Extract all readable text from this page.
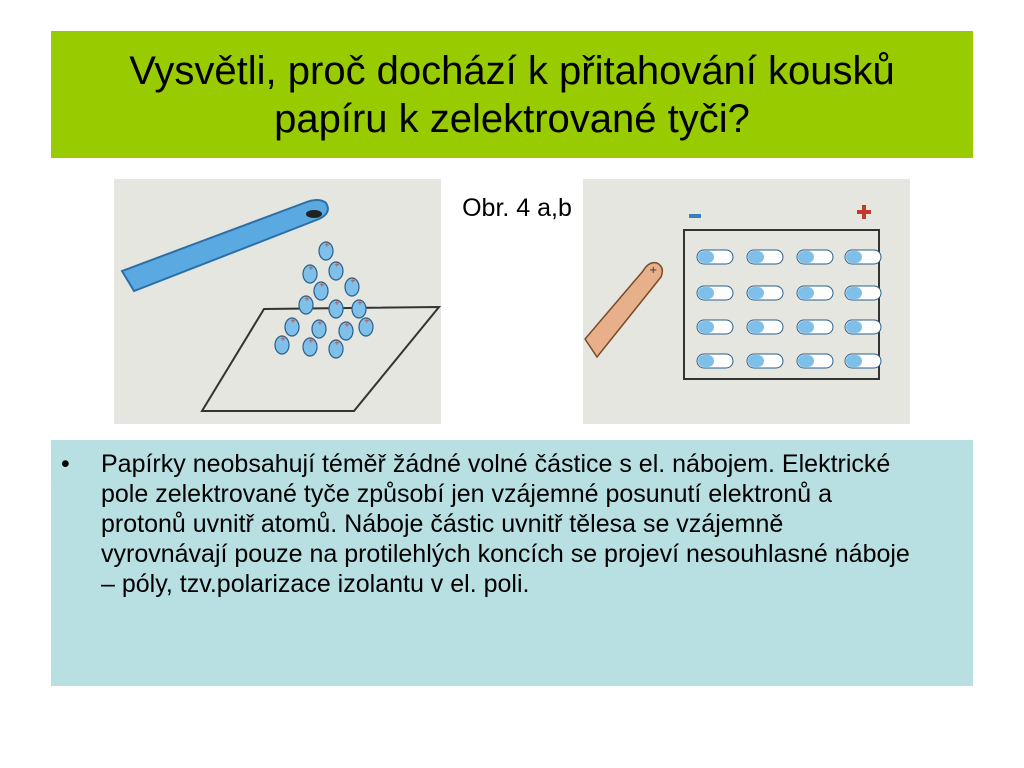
Vysvětli, proč dochází k přitahování kousků papíru k zelektrované tyči?
+
+	+
+	+
+	+ +
+	+	+ +
+	+	+
Obr. 4 a,b
+
• Papírky neobsahují téměř žádné volné částice s el. nábojem. Elektrické pole zelektrované tyče způsobí jen vzájemné posunutí elektronů a protonů uvnitř atomů. Náboje částic uvnitř tělesa se vzájemně vyrovnávají pouze na protilehlých koncích se projeví nesouhlasné náboje – póly, tzv.polarizace izolantu v el. poli.
